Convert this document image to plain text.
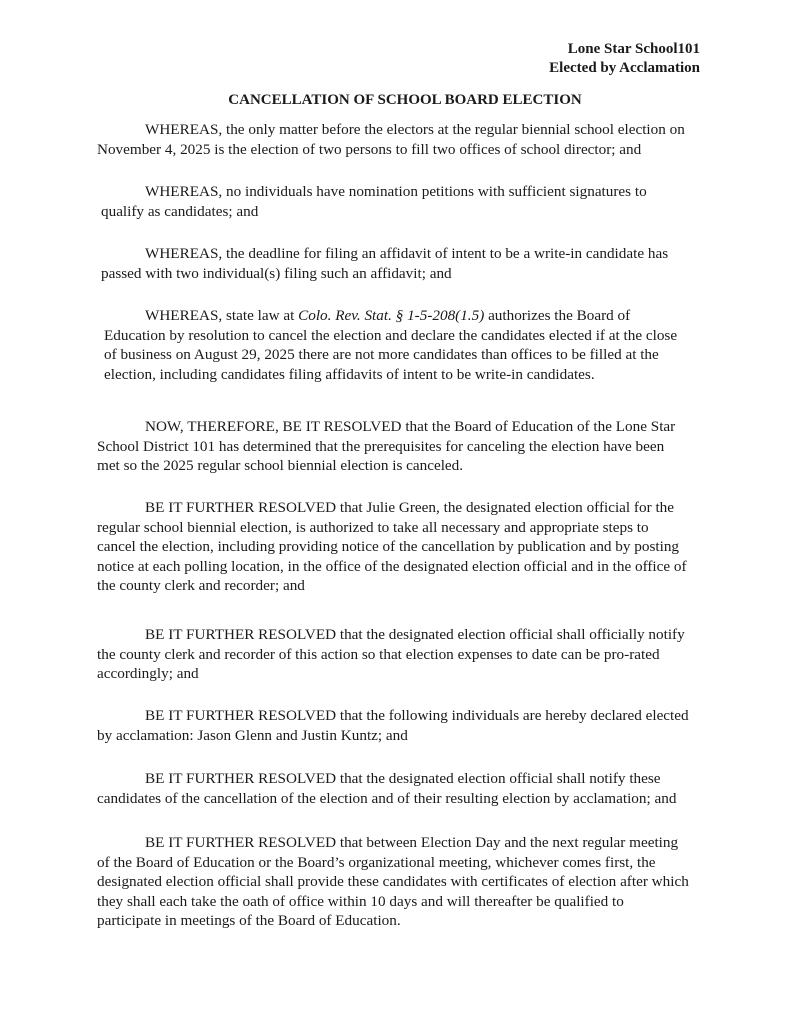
Lone Star School101
Elected by Acclamation
CANCELLATION OF SCHOOL BOARD ELECTION

WHEREAS, the only matter before the electors at the regular biennial school election on
November 4, 2025 is the election of two persons to fill two offices of school director; and

WHEREAS, no individuals have nomination petitions with sufficient signatures to
qualify as candidates; and

WHEREAS, the deadline for filing an affidavit of intent to be a write-in candidate has
passed with two individual(s) filing such an affidavit; and

WHEREAS, state law at Colo. Rev. Stat. § 1-5-208(1.5) authorizes the Board of
Education by resolution to cancel the election and declare the candidates elected if at the close
of business on August 29, 2025 there are not more candidates than offices to be filled at the
election, including candidates filing affidavits of intent to be write-in candidates.

NOW, THEREFORE, BE IT RESOLVED that the Board of Education of the Lone Star
School District 101 has determined that the prerequisites for canceling the election have been
met so the 2025 regular school biennial election is canceled.

BE IT FURTHER RESOLVED that Julie Green, the designated election official for the
regular school biennial election, is authorized to take all necessary and appropriate steps to
cancel the election, including providing notice of the cancellation by publication and by posting
notice at each polling location, in the office of the designated election official and in the office of
the county clerk and recorder; and

BE IT FURTHER RESOLVED that the designated election official shall officially notify
the county clerk and recorder of this action so that election expenses to date can be pro-rated
accordingly; and

BE IT FURTHER RESOLVED that the following individuals are hereby declared elected
by acclamation: Jason Glenn and Justin Kuntz; and

BE IT FURTHER RESOLVED that the designated election official shall notify these
candidates of the cancellation of the election and of their resulting election by acclamation; and

BE IT FURTHER RESOLVED that between Election Day and the next regular meeting
of the Board of Education or the Board’s organizational meeting, whichever comes first, the
designated election official shall provide these candidates with certificates of election after which
they shall each take the oath of office within 10 days and will thereafter be qualified to
participate in meetings of the Board of Education.
